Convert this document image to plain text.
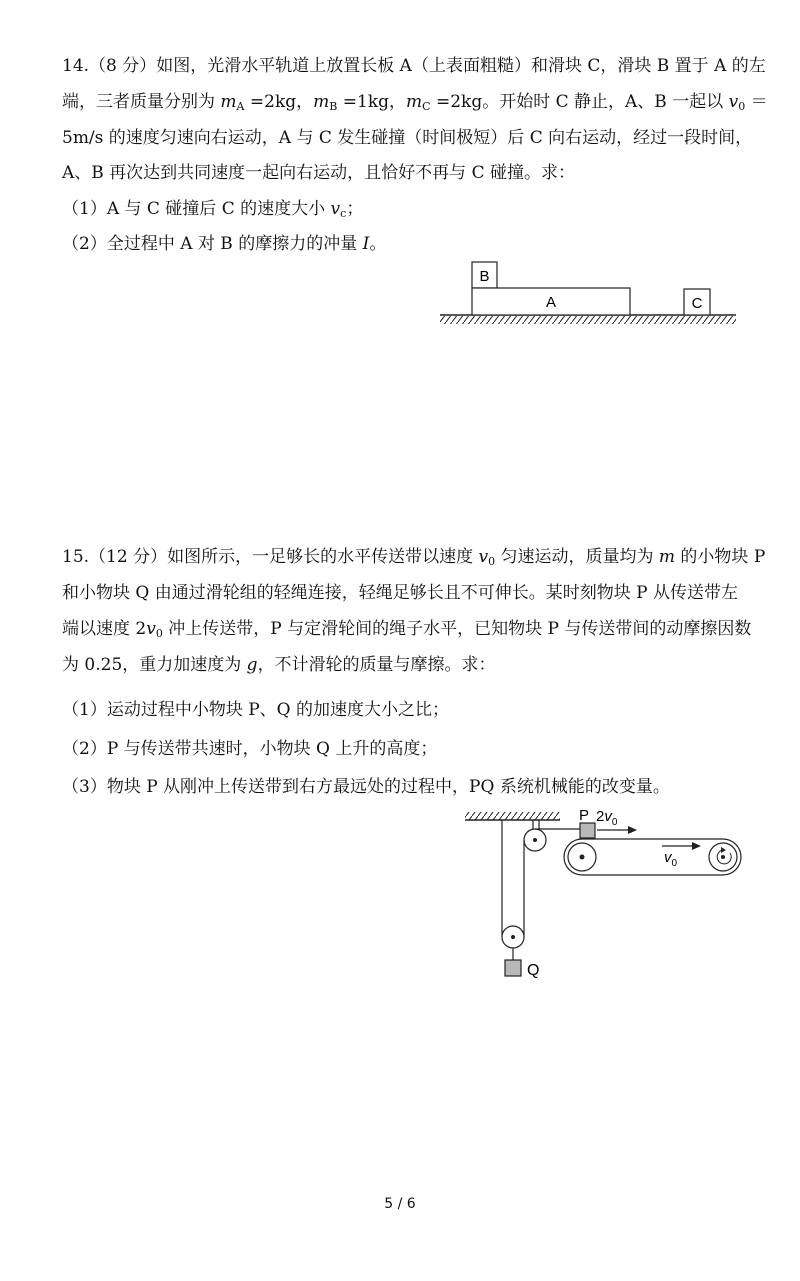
14.（8 分）如图，光滑水平轨道上放置长板 A（上表面粗糙）和滑块 C，滑块 B 置于 A 的左
端，三者质量分别为 $m_A =2kg$，$m_B =1kg$，$m_C =2kg$。开始时 C 静止，A、B 一起以 $v_0$ ＝
5m/s 的速度匀速向右运动，A 与 C 发生碰撞（时间极短）后 C 向右运动，经过一段时间，
A、B 再次达到共同速度一起向右运动，且恰好不再与 C 碰撞。求：
（1）A 与 C 碰撞后 C 的速度大小 $v_c$；
（2）全过程中 A 对 B 的摩擦力的冲量 I。
B
A	C
15.（12 分）如图所示，一足够长的水平传送带以速度 $v_0$ 匀速运动，质量均为 m 的小物块 P
和小物块 Q 由通过滑轮组的轻绳连接，轻绳足够长且不可伸长。某时刻物块 P 从传送带左
端以速度 $2v_0$ 冲上传送带，P 与定滑轮间的绳子水平，已知物块 P 与传送带间的动摩擦因数
为 0.25，重力加速度为 g，不计滑轮的质量与摩擦。求：
（1）运动过程中小物块 P、Q 的加速度大小之比；
（2）P 与传送带共速时，小物块 Q 上升的高度；
（3）物块 P 从刚冲上传送带到右方最远处的过程中，PQ 系统机械能的改变量。
Q
P $2v_0$
$v_0$
5 / 6
